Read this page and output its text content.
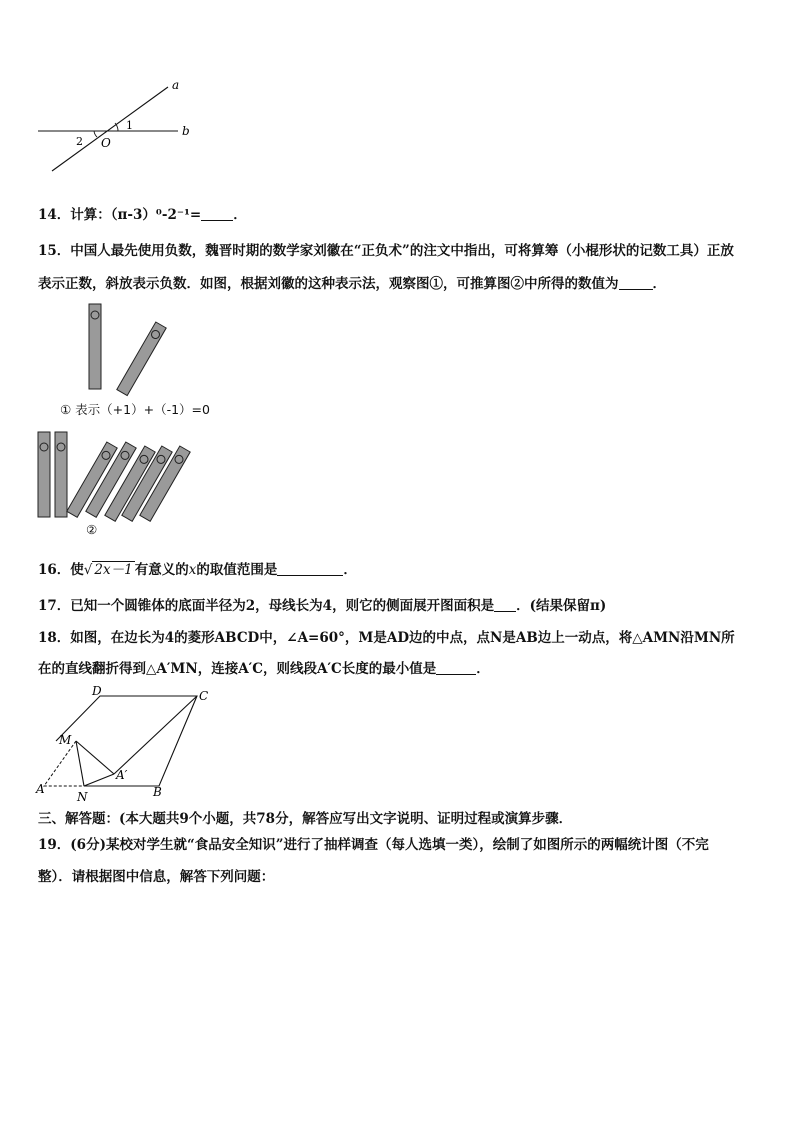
a
b
O
1
2
14．计算：（π-3）⁰-2⁻¹= ．
15．中国人最先使用负数，魏晋时期的数学家刘徽在“正负术”的注文中指出，可将算筹（小棍形状的记数工具）正放
表示正数，斜放表示负数．如图，根据刘徽的这种表示法，观察图①，可推算图②中所得的数值为	．
① 表示（+1）+（-1）=0
②
16．使√ 2x－1 有意义的x的取值范围是	．
17．已知一个圆锥体的底面半径为2，母线长为4，则它的侧面展开图面积是 ．(结果保留π)
18．如图，在边长为4的菱形ABCD中，∠A=60°，M是AD边的中点，点N是AB边上一动点，将△AMN沿MN所
在的直线翻折得到△A′MN，连接A′C，则线段A′C长度的最小值是	．
D	C
M
A′
A
N	B
三、解答题：(本大题共9个小题，共78分，解答应写出文字说明、证明过程或演算步骤．
19．(6分)某校对学生就“食品安全知识”进行了抽样调查（每人选填一类），绘制了如图所示的两幅统计图（不完
整）．请根据图中信息，解答下列问题：
